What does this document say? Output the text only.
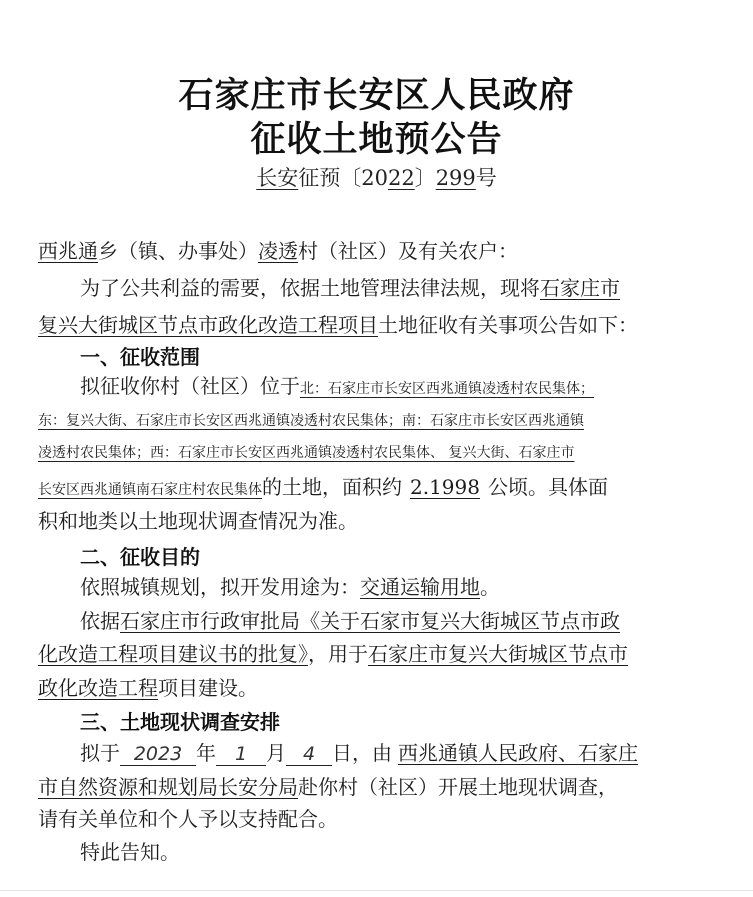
石家庄市长安区人民政府
征收土地预公告
长安征预〔2022〕299号
西兆通乡（镇、办事处）凌透村（社区）及有关农户：
为了公共利益的需要，依据土地管理法律法规，现将石家庄市
复兴大街城区节点市政化改造工程项目土地征收有关事项公告如下：
一、征收范围
拟征收你村（社区）位于北：石家庄市长安区西兆通镇凌透村农民集体；
东：复兴大街、石家庄市长安区西兆通镇凌透村农民集体；南：石家庄市长安区西兆通镇
凌透村农民集体；西：石家庄市长安区西兆通镇凌透村农民集体、 复兴大街、石家庄市
长安区西兆通镇南石家庄村农民集体的土地，面积约 2.1998 公顷。具体面
积和地类以土地现状调查情况为准。
二、征收目的
依照城镇规划，拟开发用途为：交通运输用地。
依据石家庄市行政审批局《关于石家市复兴大街城区节点市政
化改造工程项目建议书的批复》，用于石家庄市复兴大街城区节点市
政化改造工程项目建设。
三、土地现状调查安排
拟于 2023 年 1 月 4 日，由 西兆通镇人民政府、石家庄
市自然资源和规划局长安分局赴你村（社区）开展土地现状调查，
请有关单位和个人予以支持配合。
特此告知。
